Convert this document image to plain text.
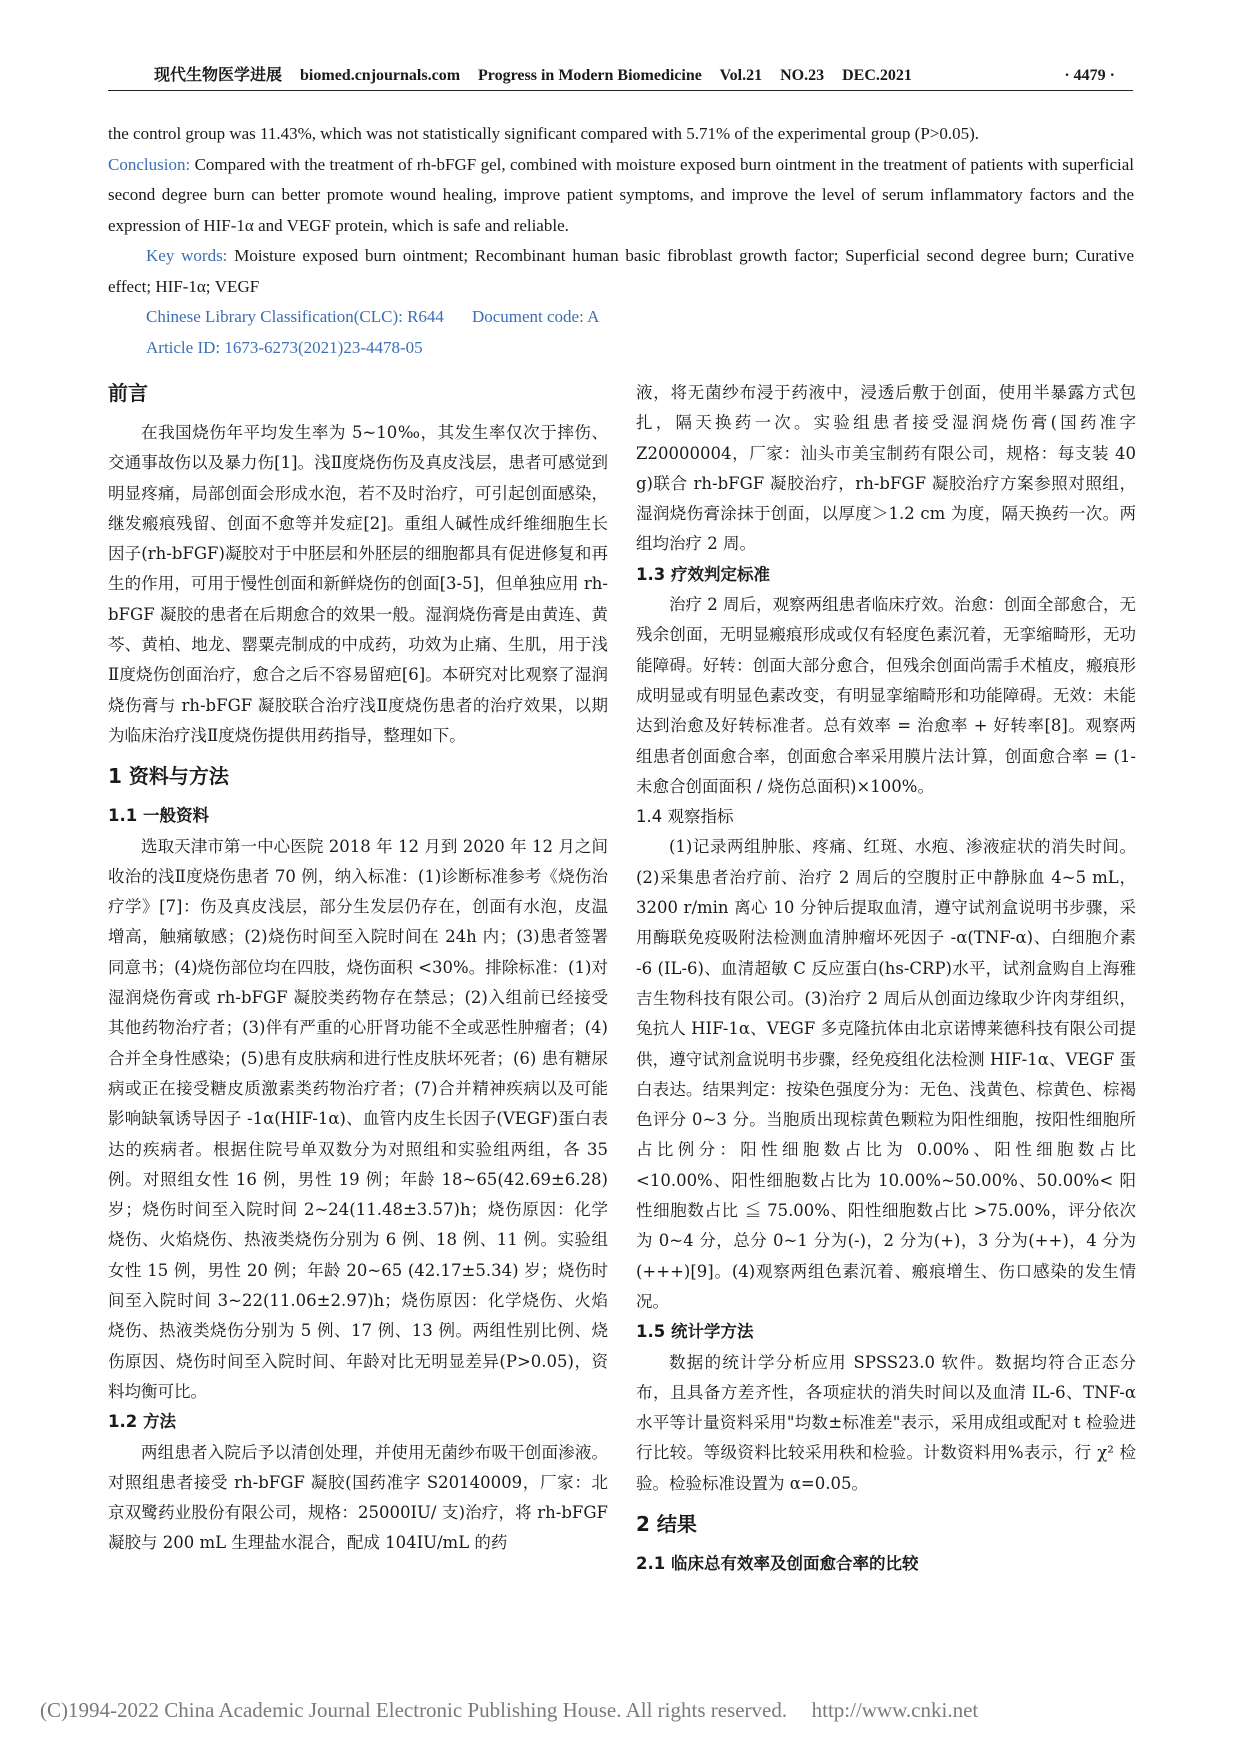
现代生物医学进展 biomed.cnjournals.com Progress in Modern Biomedicine Vol.21 NO.23 DEC.2021	· 4479 ·

the control group was 11.43%, which was not statistically significant compared with 5.71% of the experimental group (P>0.05).

Conclusion: Compared with the treatment of rh-bFGF gel, combined with moisture exposed burn ointment in the treatment of patients with superficial second degree burn can better promote wound healing, improve patient symptoms, and improve the level of serum inflammatory factors and the expression of HIF-1α and VEGF protein, which is safe and reliable.

Key words: Moisture exposed burn ointment; Recombinant human basic fibroblast growth factor; Superficial second degree burn; Curative effect; HIF-1α; VEGF

Chinese Library Classification(CLC): R644 Document code: A

Article ID: 1673-6273(2021)23-4478-05

前言

在我国烧伤年平均发生率为 5~10‰，其发生率仅次于摔伤、交通事故伤以及暴力伤[1]。浅Ⅱ度烧伤伤及真皮浅层，患者可感觉到明显疼痛，局部创面会形成水泡，若不及时治疗，可引起创面感染，继发瘢痕残留、创面不愈等并发症[2]。重组人碱性成纤维细胞生长因子(rh-bFGF)凝胶对于中胚层和外胚层的细胞都具有促进修复和再生的作用，可用于慢性创面和新鲜烧伤的创面[3-5]，但单独应用 rh-bFGF 凝胶的患者在后期愈合的效果一般。湿润烧伤膏是由黄连、黄芩、黄柏、地龙、罂粟壳制成的中成药，功效为止痛、生肌，用于浅Ⅱ度烧伤创面治疗，愈合之后不容易留疤[6]。本研究对比观察了湿润烧伤膏与 rh-bFGF 凝胶联合治疗浅Ⅱ度烧伤患者的治疗效果，以期为临床治疗浅Ⅱ度烧伤提供用药指导，整理如下。

1 资料与方法
1.1 一般资料

选取天津市第一中心医院 2018 年 12 月到 2020 年 12 月之间收治的浅Ⅱ度烧伤患者 70 例，纳入标准：(1)诊断标准参考《烧伤治疗学》[7]：伤及真皮浅层，部分生发层仍存在，创面有水泡，皮温增高，触痛敏感；(2)烧伤时间至入院时间在 24h 内；(3)患者签署同意书；(4)烧伤部位均在四肢，烧伤面积 <30%。排除标准：(1)对湿润烧伤膏或 rh-bFGF 凝胶类药物存在禁忌；(2)入组前已经接受其他药物治疗者；(3)伴有严重的心肝肾功能不全或恶性肿瘤者；(4)合并全身性感染；(5)患有皮肤病和进行性皮肤坏死者；(6) 患有糖尿病或正在接受糖皮质激素类药物治疗者；(7)合并精神疾病以及可能影响缺氧诱导因子 -1α(HIF-1α)、血管内皮生长因子(VEGF)蛋白表达的疾病者。根据住院号单双数分为对照组和实验组两组，各 35 例。对照组女性 16 例，男性 19 例；年龄 18~65(42.69±6.28)岁；烧伤时间至入院时间 2~24(11.48±3.57)h；烧伤原因：化学烧伤、火焰烧伤、热液类烧伤分别为 6 例、18 例、11 例。实验组女性 15 例，男性 20 例；年龄 20~65 (42.17±5.34) 岁；烧伤时间至入院时间 3~22(11.06±2.97)h；烧伤原因：化学烧伤、火焰烧伤、热液类烧伤分别为 5 例、17 例、13 例。两组性别比例、烧伤原因、烧伤时间至入院时间、年龄对比无明显差异(P>0.05)，资料均衡可比。

1.2 方法

两组患者入院后予以清创处理，并使用无菌纱布吸干创面渗液。对照组患者接受 rh-bFGF 凝胶(国药准字 S20140009，厂家：北京双鹭药业股份有限公司，规格：25000IU/ 支)治疗，将 rh-bFGF 凝胶与 200 mL 生理盐水混合，配成 104IU/mL 的药

液，将无菌纱布浸于药液中，浸透后敷于创面，使用半暴露方式包扎，隔天换药一次。实验组患者接受湿润烧伤膏(国药准字 Z20000004，厂家：汕头市美宝制药有限公司，规格：每支装 40 g)联合 rh-bFGF 凝胶治疗，rh-bFGF 凝胶治疗方案参照对照组，湿润烧伤膏涂抹于创面，以厚度＞1.2 cm 为度，隔天换药一次。两组均治疗 2 周。

1.3 疗效判定标准

治疗 2 周后，观察两组患者临床疗效。治愈：创面全部愈合，无残余创面，无明显瘢痕形成或仅有轻度色素沉着，无挛缩畸形，无功能障碍。好转：创面大部分愈合，但残余创面尚需手术植皮，瘢痕形成明显或有明显色素改变，有明显挛缩畸形和功能障碍。无效：未能达到治愈及好转标准者。总有效率 = 治愈率 + 好转率[8]。观察两组患者创面愈合率，创面愈合率采用膜片法计算，创面愈合率 = (1- 未愈合创面面积 / 烧伤总面积)×100%。

1.4 观察指标

(1)记录两组肿胀、疼痛、红斑、水疱、渗液症状的消失时间。(2)采集患者治疗前、治疗 2 周后的空腹肘正中静脉血 4~5 mL，3200 r/min 离心 10 分钟后提取血清，遵守试剂盒说明书步骤，采用酶联免疫吸附法检测血清肿瘤坏死因子 -α(TNF-α)、白细胞介素 -6 (IL-6)、血清超敏 C 反应蛋白(hs-CRP)水平，试剂盒购自上海雅吉生物科技有限公司。(3)治疗 2 周后从创面边缘取少许肉芽组织，兔抗人 HIF-1α、VEGF 多克隆抗体由北京诺博莱德科技有限公司提供，遵守试剂盒说明书步骤，经免疫组化法检测 HIF-1α、VEGF 蛋白表达。结果判定：按染色强度分为：无色、浅黄色、棕黄色、棕褐色评分 0~3 分。当胞质出现棕黄色颗粒为阳性细胞，按阳性细胞所占比例分：阳性细胞数占比为 0.00%、阳性细胞数占比 <10.00%、阳性细胞数占比为 10.00%~50.00%、50.00%< 阳性细胞数占比 ≦ 75.00%、阳性细胞数占比 >75.00%，评分依次为 0~4 分，总分 0~1 分为(-)，2 分为(+)，3 分为(++)，4 分为(+++)[9]。(4)观察两组色素沉着、瘢痕增生、伤口感染的发生情况。

1.5 统计学方法

数据的统计学分析应用 SPSS23.0 软件。数据均符合正态分布，且具备方差齐性，各项症状的消失时间以及血清 IL-6、TNF-α 水平等计量资料采用"均数±标准差"表示，采用成组或配对 t 检验进行比较。等级资料比较采用秩和检验。计数资料用%表示，行 χ² 检验。检验标准设置为 α=0.05。

2 结果
2.1 临床总有效率及创面愈合率的比较
(C)1994-2022 China Academic Journal Electronic Publishing House. All rights reserved. http://www.cnki.net
